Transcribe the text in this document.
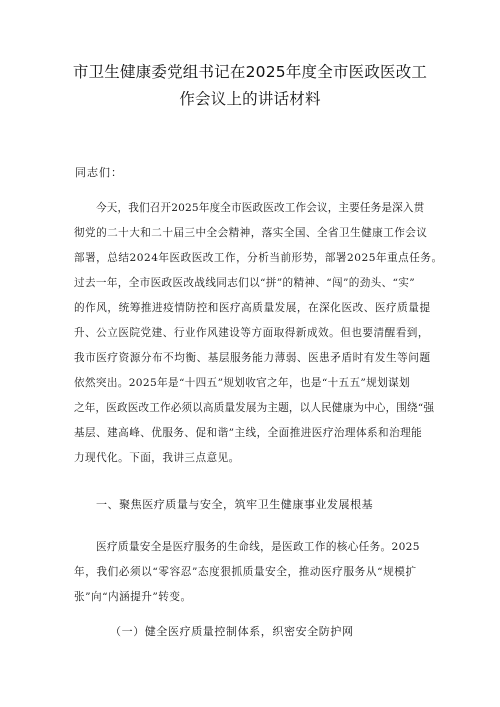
市卫生健康委党组书记在2025年度全市医政医改工
作会议上的讲话材料
同志们：
今天，我们召开2025年度全市医政医改工作会议，主要任务是深入贯
彻党的二十大和二十届三中全会精神，落实全国、全省卫生健康工作会议
部署，总结2024年医政医改工作，分析当前形势，部署2025年重点任务。
过去一年，全市医政医改战线同志们以“拼”的精神、“闯”的劲头、“实”
的作风，统筹推进疫情防控和医疗高质量发展，在深化医改、医疗质量提
升、公立医院党建、行业作风建设等方面取得新成效。但也要清醒看到，
我市医疗资源分布不均衡、基层服务能力薄弱、医患矛盾时有发生等问题
依然突出。2025年是“十四五”规划收官之年，也是“十五五”规划谋划
之年，医政医改工作必须以高质量发展为主题，以人民健康为中心，围绕“强
基层、建高峰、优服务、促和谐”主线，全面推进医疗治理体系和治理能
力现代化。下面，我讲三点意见。
一、聚焦医疗质量与安全，筑牢卫生健康事业发展根基
医疗质量安全是医疗服务的生命线，是医政工作的核心任务。2025
年，我们必须以“零容忍”态度狠抓质量安全，推动医疗服务从“规模扩
张”向“内涵提升”转变。
（一）健全医疗质量控制体系，织密安全防护网
